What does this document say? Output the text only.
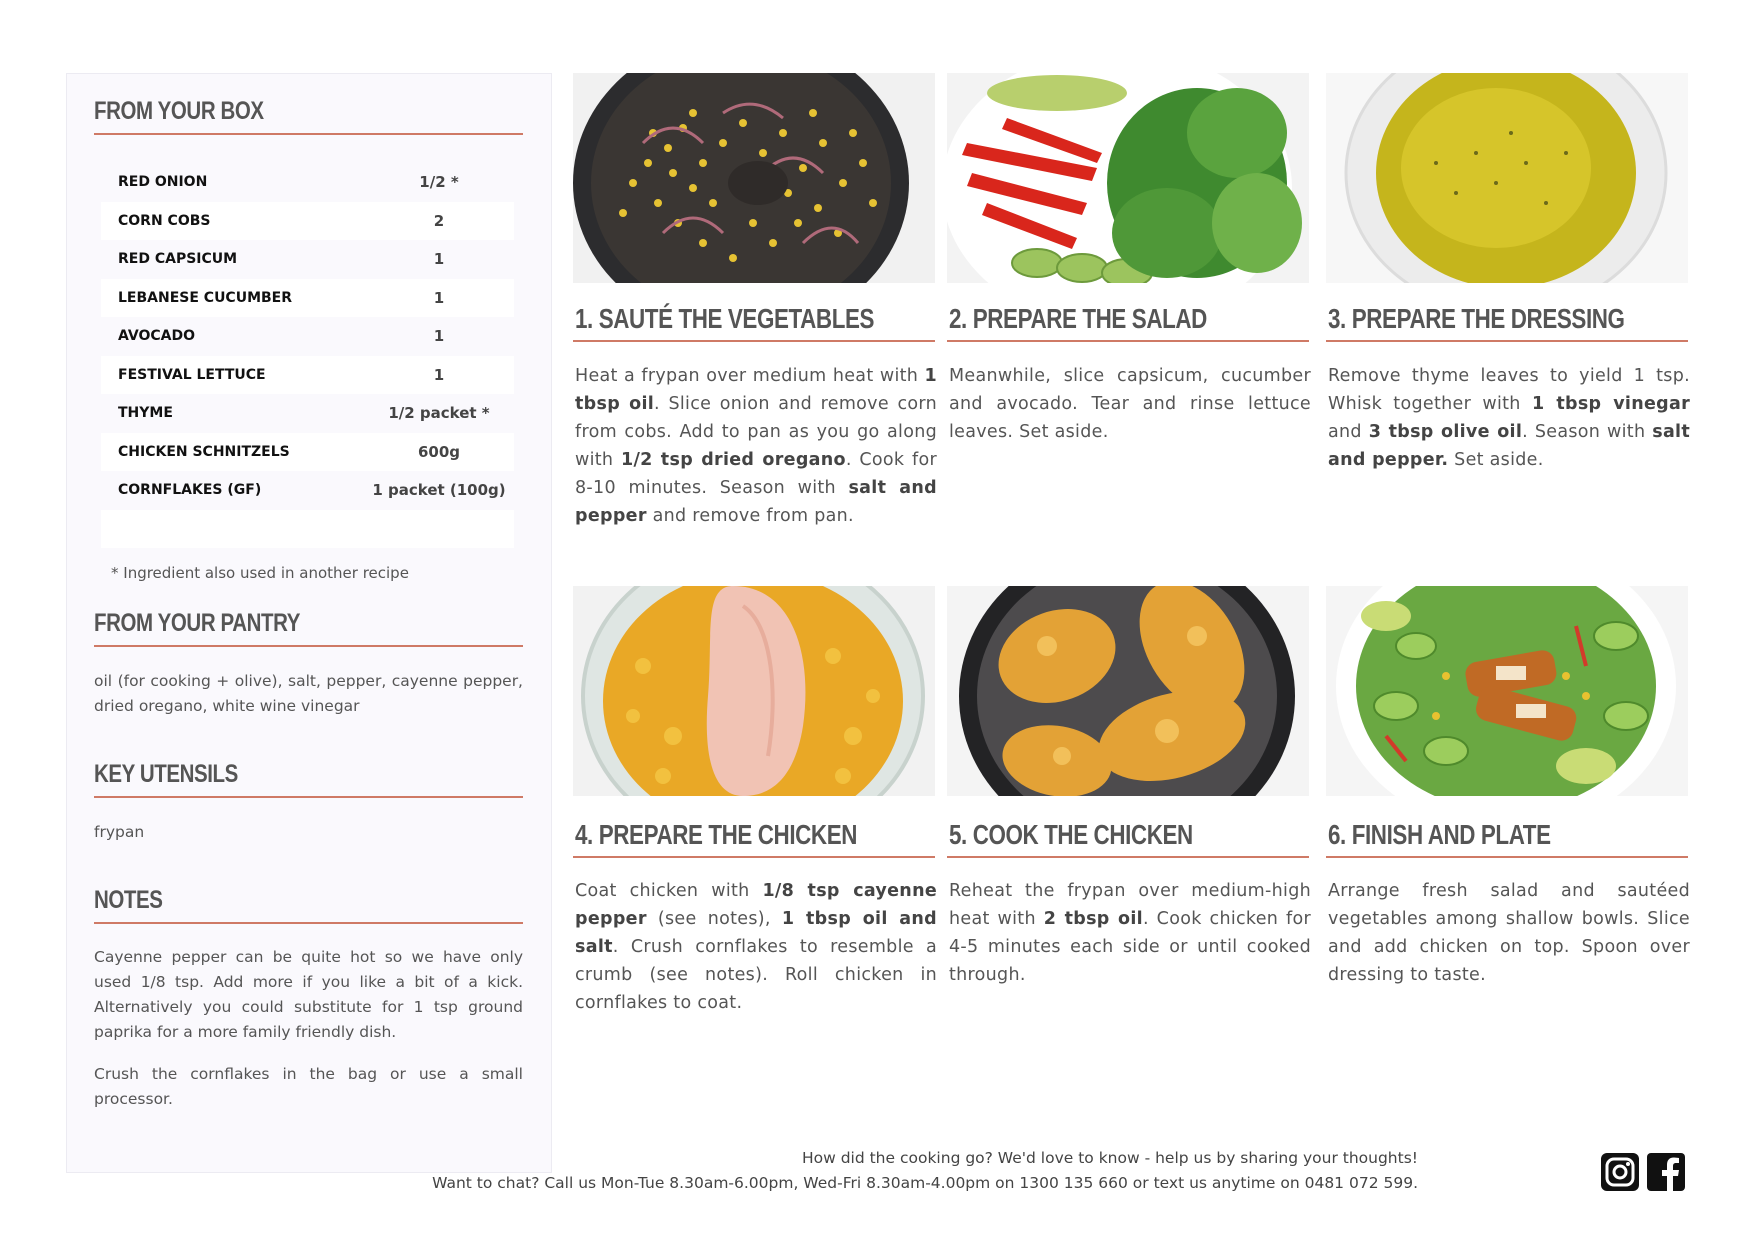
FROM YOUR BOX
RED ONION	1/2 *
CORN COBS	2
RED CAPSICUM	1
LEBANESE CUCUMBER	1
AVOCADO	1
FESTIVAL LETTUCE	1
THYME	1/2 packet *
CHICKEN SCHNITZELS	600g
CORNFLAKES (GF)	1 packet (100g)
* Ingredient also used in another recipe
FROM YOUR PANTRY
oil (for cooking + olive), salt, pepper, cayenne pepper, dried oregano, white wine vinegar
KEY UTENSILS
frypan
NOTES
Cayenne pepper can be quite hot so we have only used 1/8 tsp. Add more if you like a bit of a kick. Alternatively you could substitute for 1 tsp ground paprika for a more family friendly dish.
Crush the cornflakes in the bag or use a small processor.
1. SAUTÉ THE VEGETABLES
Heat a frypan over medium heat with 1 tbsp oil. Slice onion and remove corn from cobs. Add to pan as you go along with 1/2 tsp dried oregano. Cook for 8-10 minutes. Season with salt and pepper and remove from pan.
2. PREPARE THE SALAD
Meanwhile, slice capsicum, cucumber and avocado. Tear and rinse lettuce leaves. Set aside.
3. PREPARE THE DRESSING
Remove thyme leaves to yield 1 tsp. Whisk together with 1 tbsp vinegar and 3 tbsp olive oil. Season with salt and pepper. Set aside.
4. PREPARE THE CHICKEN
Coat chicken with 1/8 tsp cayenne pepper (see notes), 1 tbsp oil and salt. Crush cornflakes to resemble a crumb (see notes). Roll chicken in cornflakes to coat.
5. COOK THE CHICKEN
Reheat the frypan over medium-high heat with 2 tbsp oil. Cook chicken for 4-5 minutes each side or until cooked through.
6. FINISH AND PLATE
Arrange fresh salad and sautéed vegetables among shallow bowls. Slice and add chicken on top. Spoon over dressing to taste.
How did the cooking go? We'd love to know - help us by sharing your thoughts!
Want to chat? Call us Mon-Tue 8.30am-6.00pm, Wed-Fri 8.30am-4.00pm on 1300 135 660 or text us anytime on 0481 072 599.
